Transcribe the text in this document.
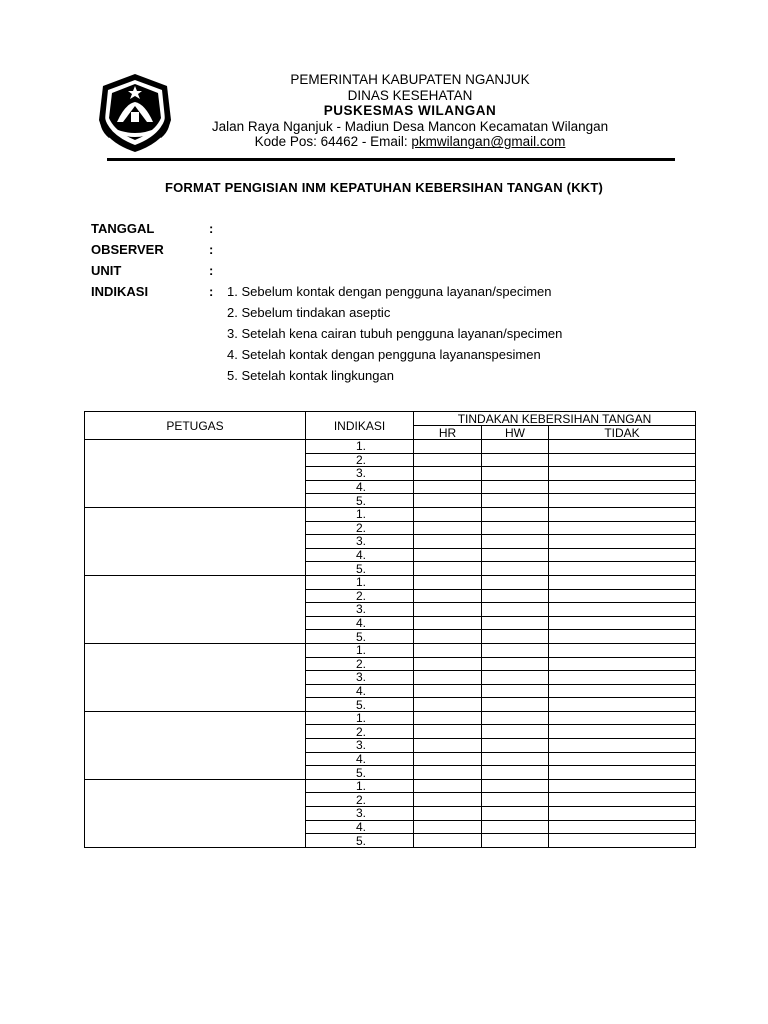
PEMERINTAH KABUPATEN NGANJUK
DINAS KESEHATAN
PUSKESMAS WILANGAN
Jalan Raya Nganjuk - Madiun Desa Mancon Kecamatan Wilangan
Kode Pos: 64462 - Email: pkmwilangan@gmail.com
FORMAT PENGISIAN INM KEPATUHAN KEBERSIHAN TANGAN (KKT)
TANGGAL	:
OBSERVER	:
UNIT	:
INDIKASI	: 1. Sebelum kontak dengan pengguna layanan/specimen
2. Sebelum tindakan aseptic
3. Setelah kena cairan tubuh pengguna layanan/specimen
4. Setelah kontak dengan pengguna layananspesimen
5. Setelah kontak lingkungan
PETUGAS	INDIKASI	TINDAKAN KEBERSIHAN TANGAN		
		HR	HW	TIDAK
	1.			
	2.			
	3.			
	4.			
	5.			
	1.			
	2.			
	3.			
	4.			
	5.			
	1.			
	2.			
	3.			
	4.			
	5.			
	1.			
	2.			
	3.			
	4.			
	5.			
	1.			
	2.			
	3.			
	4.			
	5.			
	1.			
	2.			
	3.			
	4.			
	5.			
